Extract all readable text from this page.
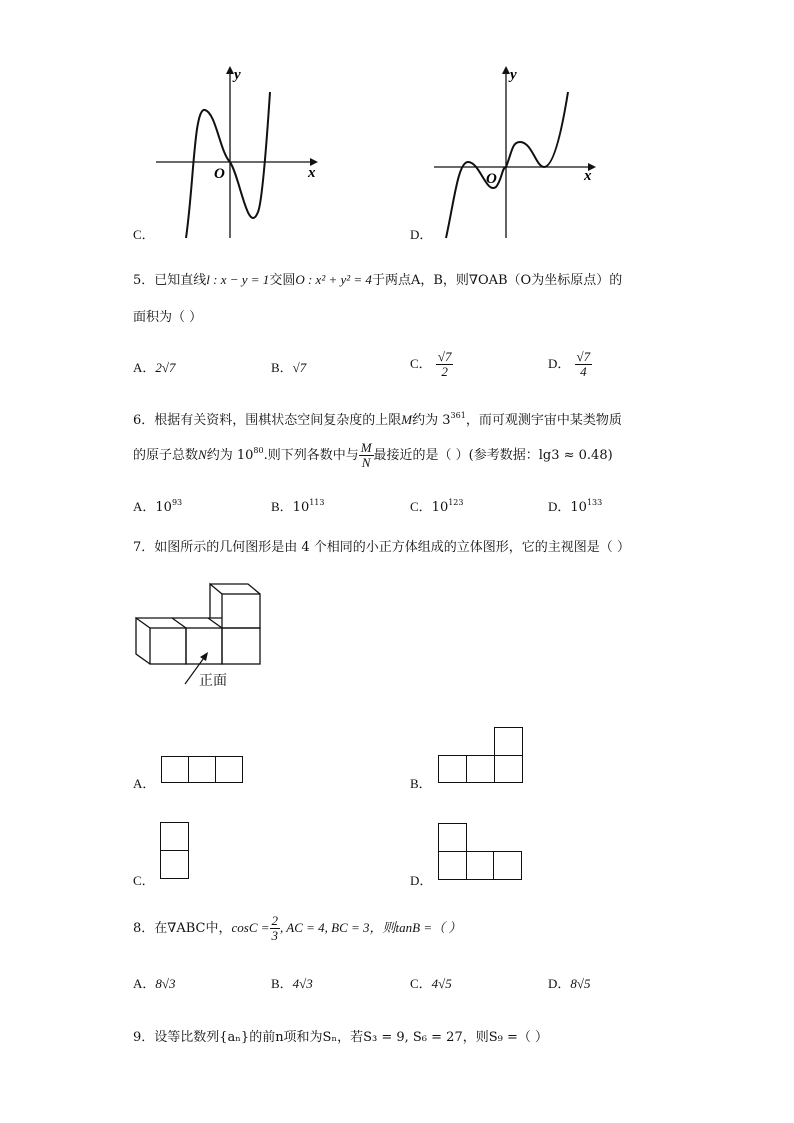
y
x
O
C．
y
x
O
D．
5．已知直线l : x − y = 1交圆O : x² + y² = 4于两点A，B，则∇OAB（O为坐标原点）的
面积为（ ）
A．2√7	B．√7	C． $\frac{√7}{2}$	D． $\frac{√7}{4}$
6．根据有关资料，围棋状态空间复杂度的上限M约为 $3^{361}$，而可观测宇宙中某类物质
的原子总数N约为 $10^{80}$.则下列各数中与 $\frac{M}{N}$ 最接近的是（ ）(参考数据：lg3 ≈ 0.48)
A．$10^{93}$	B．$10^{113}$	C．$10^{123}$	D．$10^{133}$
7．如图所示的几何图形是由 4 个相同的小正方体组成的立体图形，它的主视图是（ ）
正面
A．	B．
C．	D．
8．在∇ABC中，$\cos C = \frac{2}{3}$ , AC = 4, BC = 3，则tanB =（ ）
A．8√3	B．4√3	C．4√5	D．8√5
9．设等比数列{aₙ}的前n项和为Sₙ，若S₃ = 9, S₆ = 27，则S₉ =（ ）
